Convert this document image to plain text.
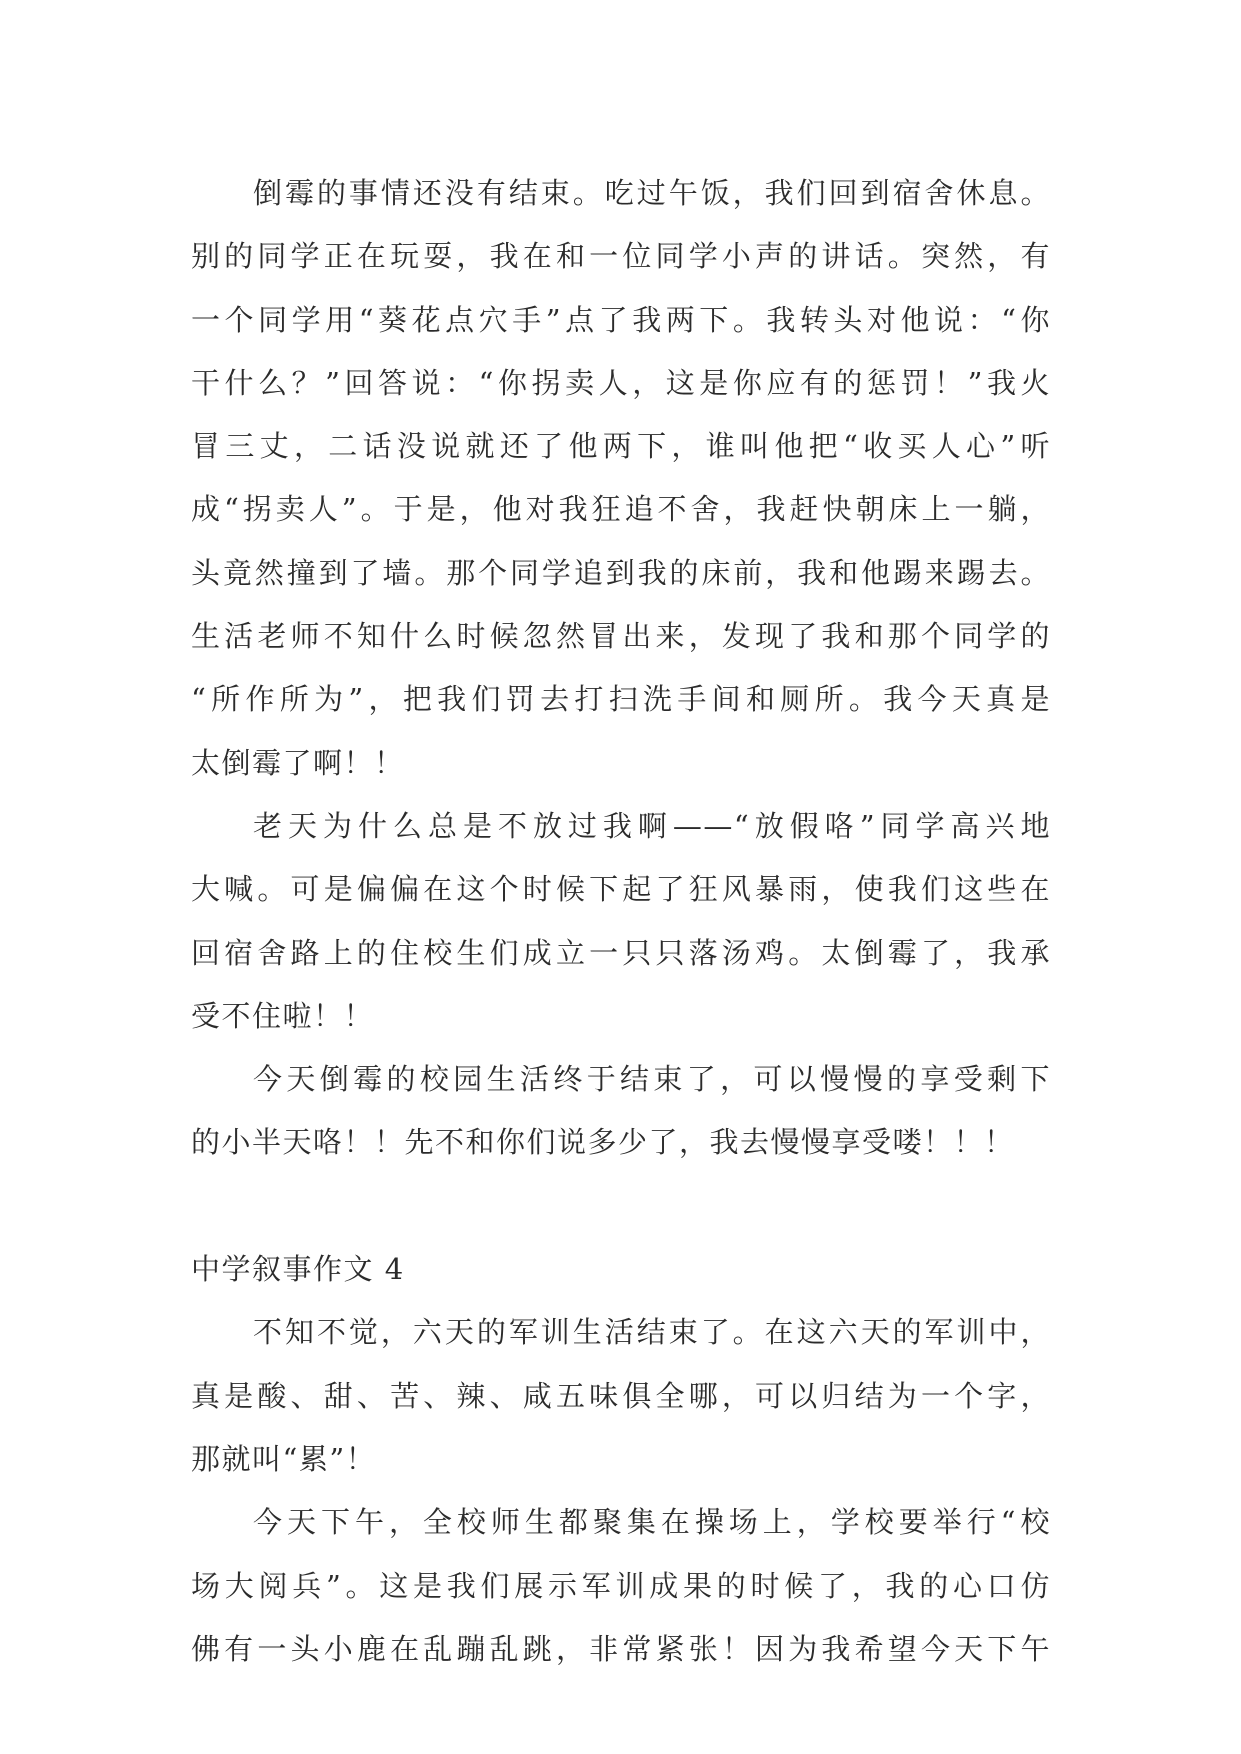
倒霉的事情还没有结束。吃过午饭，我们回到宿舍休息。
别的同学正在玩耍，我在和一位同学小声的讲话。突然，有
一个同学用“葵花点穴手”点了我两下。我转头对他说：“你
干什么？”回答说：“你拐卖人，这是你应有的惩罚！”我火
冒三丈，二话没说就还了他两下，谁叫他把“收买人心”听
成“拐卖人”。于是，他对我狂追不舍，我赶快朝床上一躺，
头竟然撞到了墙。那个同学追到我的床前，我和他踢来踢去。
生活老师不知什么时候忽然冒出来，发现了我和那个同学的
“所作所为”，把我们罚去打扫洗手间和厕所。我今天真是
太倒霉了啊！！
老天为什么总是不放过我啊——“放假咯”同学高兴地
大喊。可是偏偏在这个时候下起了狂风暴雨，使我们这些在
回宿舍路上的住校生们成立一只只落汤鸡。太倒霉了，我承
受不住啦！！
今天倒霉的校园生活终于结束了，可以慢慢的享受剩下
的小半天咯！！先不和你们说多少了，我去慢慢享受喽！！！
中学叙事作文 4
不知不觉，六天的军训生活结束了。在这六天的军训中，
真是酸、甜、苦、辣、咸五味俱全哪，可以归结为一个字，
那就叫“累”！
今天下午，全校师生都聚集在操场上，学校要举行“校
场大阅兵”。这是我们展示军训成果的时候了，我的心口仿
佛有一头小鹿在乱蹦乱跳，非常紧张！因为我希望今天下午
